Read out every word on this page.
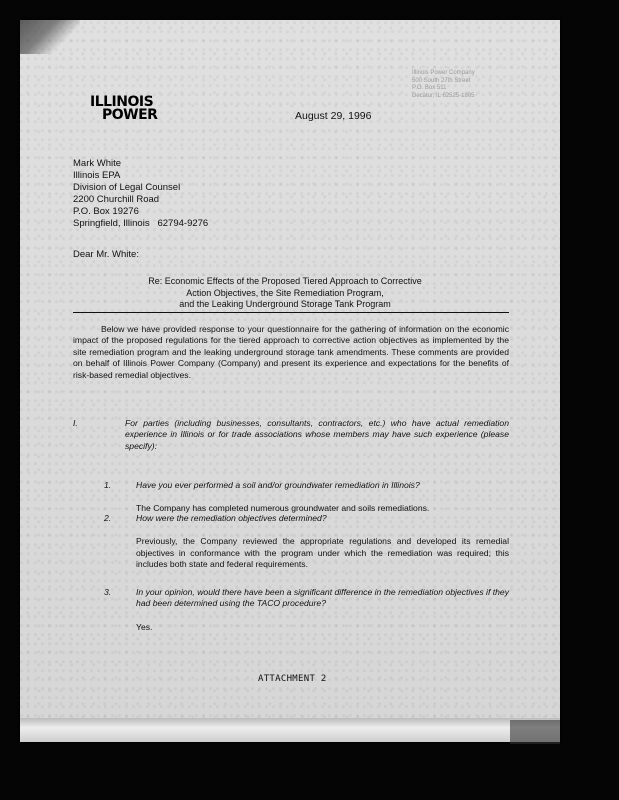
ILLINOIS
POWER
Illinois Power Company
500 South 27th Street
P.O. Box 511
Decatur, IL 62525-1805
August 29, 1996
Mark White
Illinois EPA
Division of Legal Counsel
2200 Churchill Road
P.O. Box 19276
Springfield, Illinois   62794-9276
Dear Mr. White:
Re: Economic Effects of the Proposed Tiered Approach to Corrective
Action Objectives, the Site Remediation Program,
and the Leaking Underground Storage Tank Program
Below we have provided response to your questionnaire for the gathering of information on the economic impact of the proposed regulations for the tiered approach to corrective action objectives as implemented by the site remediation program and the leaking underground storage tank amendments. These comments are provided on behalf of Illinois Power Company (Company) and present its experience and expectations for the benefits of risk-based remedial objectives.
I.	For parties (including businesses, consultants, contractors, etc.) who have actual remediation experience in Illinois or for trade associations whose members may have such experience (please specify):
1.	Have you ever performed a soil and/or groundwater remediation in Illinois?
The Company has completed numerous groundwater and soils remediations.
2.	How were the remediation objectives determined?
Previously, the Company reviewed the appropriate regulations and developed its remedial objectives in conformance with the program under which the remediation was required; this includes both state and federal requirements.
3.	In your opinion, would there have been a significant difference in the remediation objectives if they had been determined using the TACO procedure?
Yes.
ATTACHMENT 2
